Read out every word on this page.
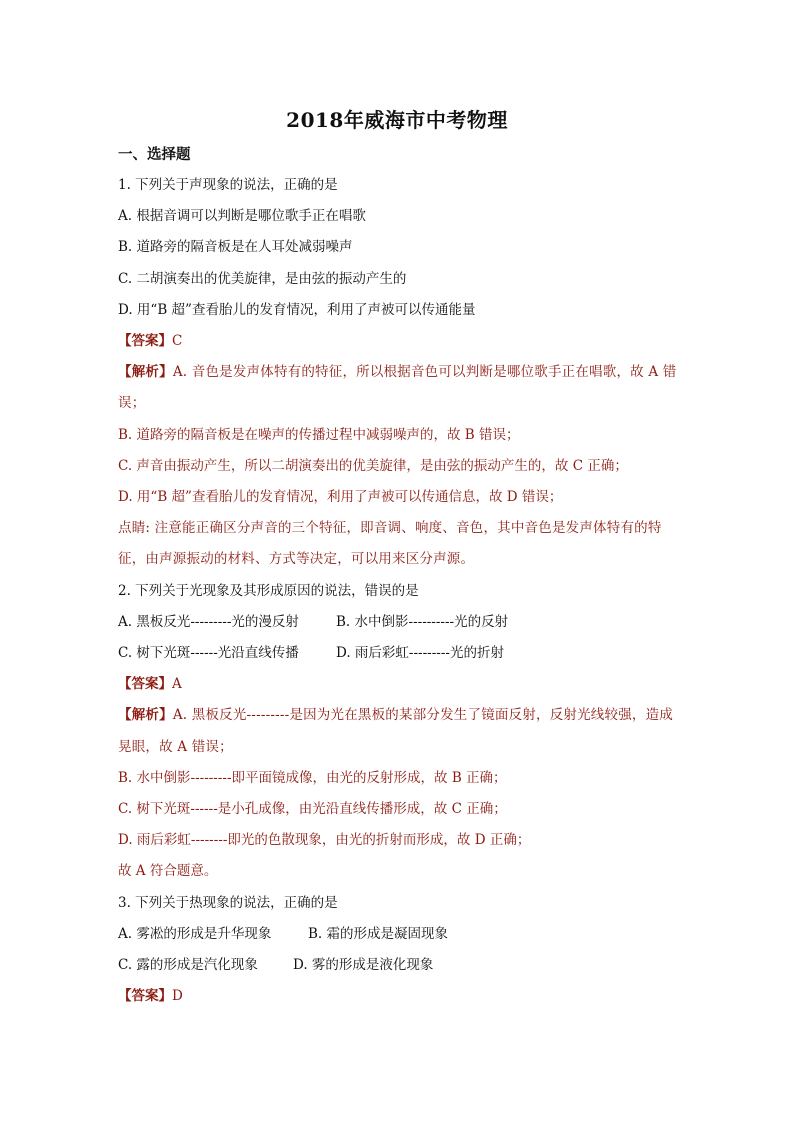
2018年威海市中考物理
一、选择题
1. 下列关于声现象的说法，正确的是
A. 根据音调可以判断是哪位歌手正在唱歌
B. 道路旁的隔音板是在人耳处减弱噪声
C. 二胡演奏出的优美旋律，是由弦的振动产生的
D. 用“B 超”查看胎儿的发育情况，利用了声被可以传通能量
【答案】C
【解析】A. 音色是发声体特有的特征，所以根据音色可以判断是哪位歌手正在唱歌，故 A 错误；
B. 道路旁的隔音板是在噪声的传播过程中减弱噪声的，故 B 错误；
C. 声音由振动产生，所以二胡演奏出的优美旋律，是由弦的振动产生的，故 C 正确；
D. 用“B 超”查看胎儿的发育情况，利用了声被可以传通信息，故 D 错误；
点睛: 注意能正确区分声音的三个特征，即音调、响度、音色，其中音色是发声体特有的特征，由声源振动的材料、方式等决定，可以用来区分声源。
2. 下列关于光现象及其形成原因的说法，错误的是
A. 黑板反光---------光的漫反射	B. 水中倒影----------光的反射
C. 树下光斑------光沿直线传播	D. 雨后彩虹---------光的折射
【答案】A
【解析】A. 黑板反光---------是因为光在黑板的某部分发生了镜面反射，反射光线较强，造成晃眼，故 A 错误；
B. 水中倒影---------即平面镜成像，由光的反射形成，故 B 正确；
C. 树下光斑------是小孔成像，由光沿直线传播形成，故 C 正确；
D. 雨后彩虹--------即光的色散现象，由光的折射而形成，故 D 正确；
故 A 符合题意。
3. 下列关于热现象的说法，正确的是
A. 雾凇的形成是升华现象	B. 霜的形成是凝固现象
C. 露的形成是汽化现象	D. 雾的形成是液化现象
【答案】D
